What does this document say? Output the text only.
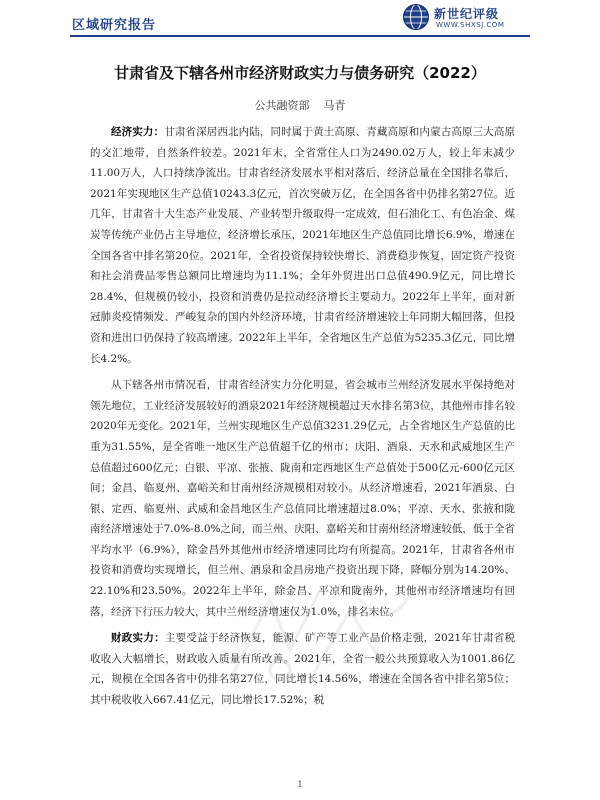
区域研究报告
新世纪评级
WWW.SHXSJ.COM
甘肃省及下辖各州市经济财政实力与债务研究（2022）
公共融资部 马青

经济实力：甘肃省深居西北内陆，同时属于黄土高原、青藏高原和内蒙古高原三大高原的交汇地带，自然条件较差。2021年末，全省常住人口为2490.02万人，较上年末减少11.00万人，人口持续净流出。甘肃省经济发展水平相对落后，经济总量在全国排名靠后，2021年实现地区生产总值10243.3亿元，首次突破万亿，在全国各省中仍排名第27位。近几年，甘肃省十大生态产业发展、产业转型升级取得一定成效，但石油化工、有色冶金、煤炭等传统产业仍占主导地位，经济增长承压，2021年地区生产总值同比增长6.9%，增速在全国各省中排名第20位。2021年，全省投资保持较快增长、消费稳步恢复，固定资产投资和社会消费品零售总额同比增速均为11.1%；全年外贸进出口总值490.9亿元，同比增长28.4%，但规模仍较小，投资和消费仍是拉动经济增长主要动力。2022年上半年，面对新冠肺炎疫情频发、严峻复杂的国内外经济环境，甘肃省经济增速较上年同期大幅回落，但投资和进出口仍保持了较高增速。2022年上半年，全省地区生产总值为5235.3亿元，同比增长4.2%。

从下辖各州市情况看，甘肃省经济实力分化明显，省会城市兰州经济发展水平保持绝对领先地位，工业经济发展较好的酒泉2021年经济规模超过天水排名第3位，其他州市排名较2020年无变化。2021年，兰州实现地区生产总值3231.29亿元，占全省地区生产总值的比重为31.55%，是全省唯一地区生产总值超千亿的州市；庆阳、酒泉、天水和武威地区生产总值超过600亿元；白银、平凉、张掖、陇南和定西地区生产总值处于500亿元-600亿元区间；金昌、临夏州、嘉峪关和甘南州经济规模相对较小。从经济增速看，2021年酒泉、白银、定西、临夏州、武威和金昌地区生产总值同比增速超过8.0%；平凉、天水、张掖和陇南经济增速处于7.0%-8.0%之间，而兰州、庆阳、嘉峪关和甘南州经济增速较低，低于全省平均水平（6.9%），除金昌外其他州市经济增速同比均有所提高。2021年，甘肃省各州市投资和消费均实现增长，但兰州、酒泉和金昌房地产投资出现下降，降幅分别为14.20%、22.10%和23.50%。2022年上半年，除金昌、平凉和陇南外，其他州市经济增速均有回落，经济下行压力较大，其中兰州经济增速仅为1.0%，排名末位。

财政实力：主要受益于经济恢复，能源、矿产等工业产品价格走强，2021年甘肃省税收收入大幅增长，财政收入质量有所改善。2021年，全省一般公共预算收入为1001.86亿元，规模在全国各省中仍排名第27位，同比增长14.56%，增速在全国各省中排名第5位；其中税收收入667.41亿元，同比增长17.52%；税

1
